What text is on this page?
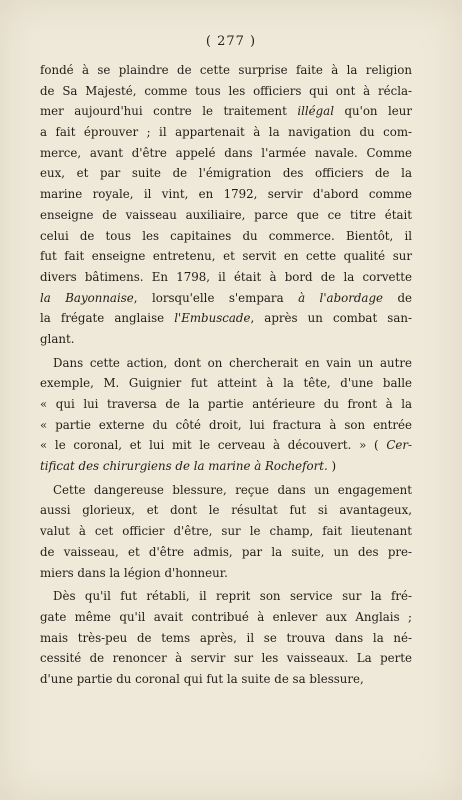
( 277 )
fondé à se plaindre de cette surprise faite à la religion
de Sa Majesté, comme tous les officiers qui ont à récla-
mer aujourd'hui contre le traitement illégal qu'on leur
a fait éprouver ; il appartenait à la navigation du com-
merce, avant d'être appelé dans l'armée navale. Comme
eux, et par suite de l'émigration des officiers de la
marine royale, il vint, en 1792, servir d'abord comme
enseigne de vaisseau auxiliaire, parce que ce titre était
celui de tous les capitaines du commerce. Bientôt, il
fut fait enseigne entretenu, et servit en cette qualité sur
divers bâtimens. En 1798, il était à bord de la corvette
la Bayonnaise, lorsqu'elle s'empara à l'abordage de
la frégate anglaise l'Embuscade, après un combat san-
glant.
Dans cette action, dont on chercherait en vain un autre
exemple, M. Guignier fut atteint à la tête, d'une balle
« qui lui traversa de la partie antérieure du front à la
« partie externe du côté droit, lui fractura à son entrée
« le coronal, et lui mit le cerveau à découvert. » ( Cer-
tificat des chirurgiens de la marine à Rochefort. )
Cette dangereuse blessure, reçue dans un engagement
aussi glorieux, et dont le résultat fut si avantageux,
valut à cet officier d'être, sur le champ, fait lieutenant
de vaisseau, et d'être admis, par la suite, un des pre-
miers dans la légion d'honneur.
Dès qu'il fut rétabli, il reprit son service sur la fré-
gate même qu'il avait contribué à enlever aux Anglais ;
mais très-peu de tems après, il se trouva dans la né-
cessité de renoncer à servir sur les vaisseaux. La perte
d'une partie du coronal qui fut la suite de sa blessure,
